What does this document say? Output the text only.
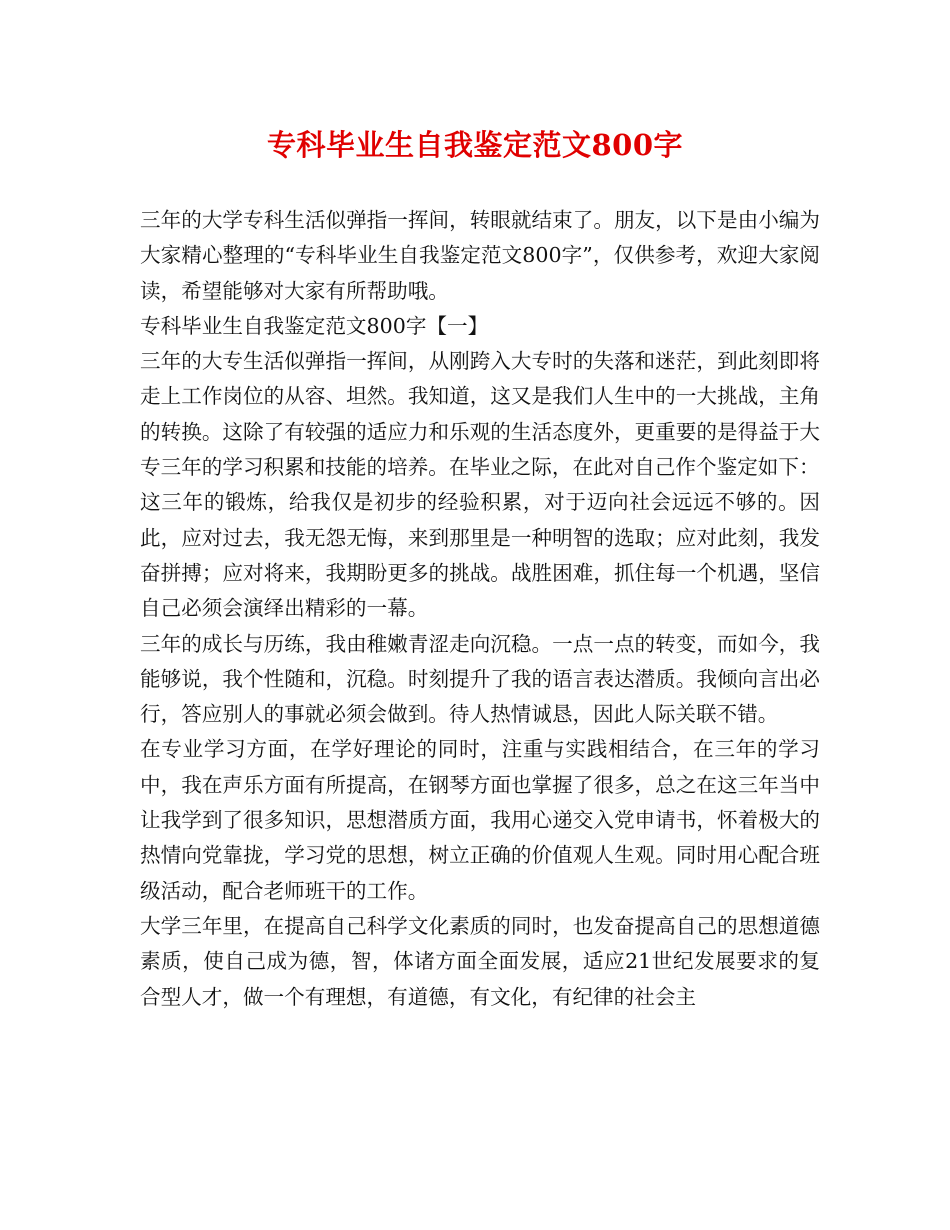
专科毕业生自我鉴定范文800字

三年的大学专科生活似弹指一挥间，转眼就结束了。朋友，以下是由小编为大家精心整理的“专科毕业生自我鉴定范文800字”，仅供参考，欢迎大家阅读，希望能够对大家有所帮助哦。

专科毕业生自我鉴定范文800字【一】

三年的大专生活似弹指一挥间，从刚跨入大专时的失落和迷茫，到此刻即将走上工作岗位的从容、坦然。我知道，这又是我们人生中的一大挑战，主角的转换。这除了有较强的适应力和乐观的生活态度外，更重要的是得益于大专三年的学习积累和技能的培养。在毕业之际，在此对自己作个鉴定如下：

这三年的锻炼，给我仅是初步的经验积累，对于迈向社会远远不够的。因此，应对过去，我无怨无悔，来到那里是一种明智的选取；应对此刻，我发奋拼搏；应对将来，我期盼更多的挑战。战胜困难，抓住每一个机遇，坚信自己必须会演绎出精彩的一幕。

三年的成长与历练，我由稚嫩青涩走向沉稳。一点一点的转变，而如今，我能够说，我个性随和，沉稳。时刻提升了我的语言表达潜质。我倾向言出必行，答应别人的事就必须会做到。待人热情诚恳，因此人际关联不错。

在专业学习方面，在学好理论的同时，注重与实践相结合，在三年的学习中，我在声乐方面有所提高，在钢琴方面也掌握了很多，总之在这三年当中让我学到了很多知识，思想潜质方面，我用心递交入党申请书，怀着极大的热情向党靠拢，学习党的思想，树立正确的价值观人生观。同时用心配合班级活动，配合老师班干的工作。

大学三年里，在提高自己科学文化素质的同时，也发奋提高自己的思想道德素质，使自己成为德，智，体诸方面全面发展，适应21世纪发展要求的复合型人才，做一个有理想，有道德，有文化，有纪律的社会主
